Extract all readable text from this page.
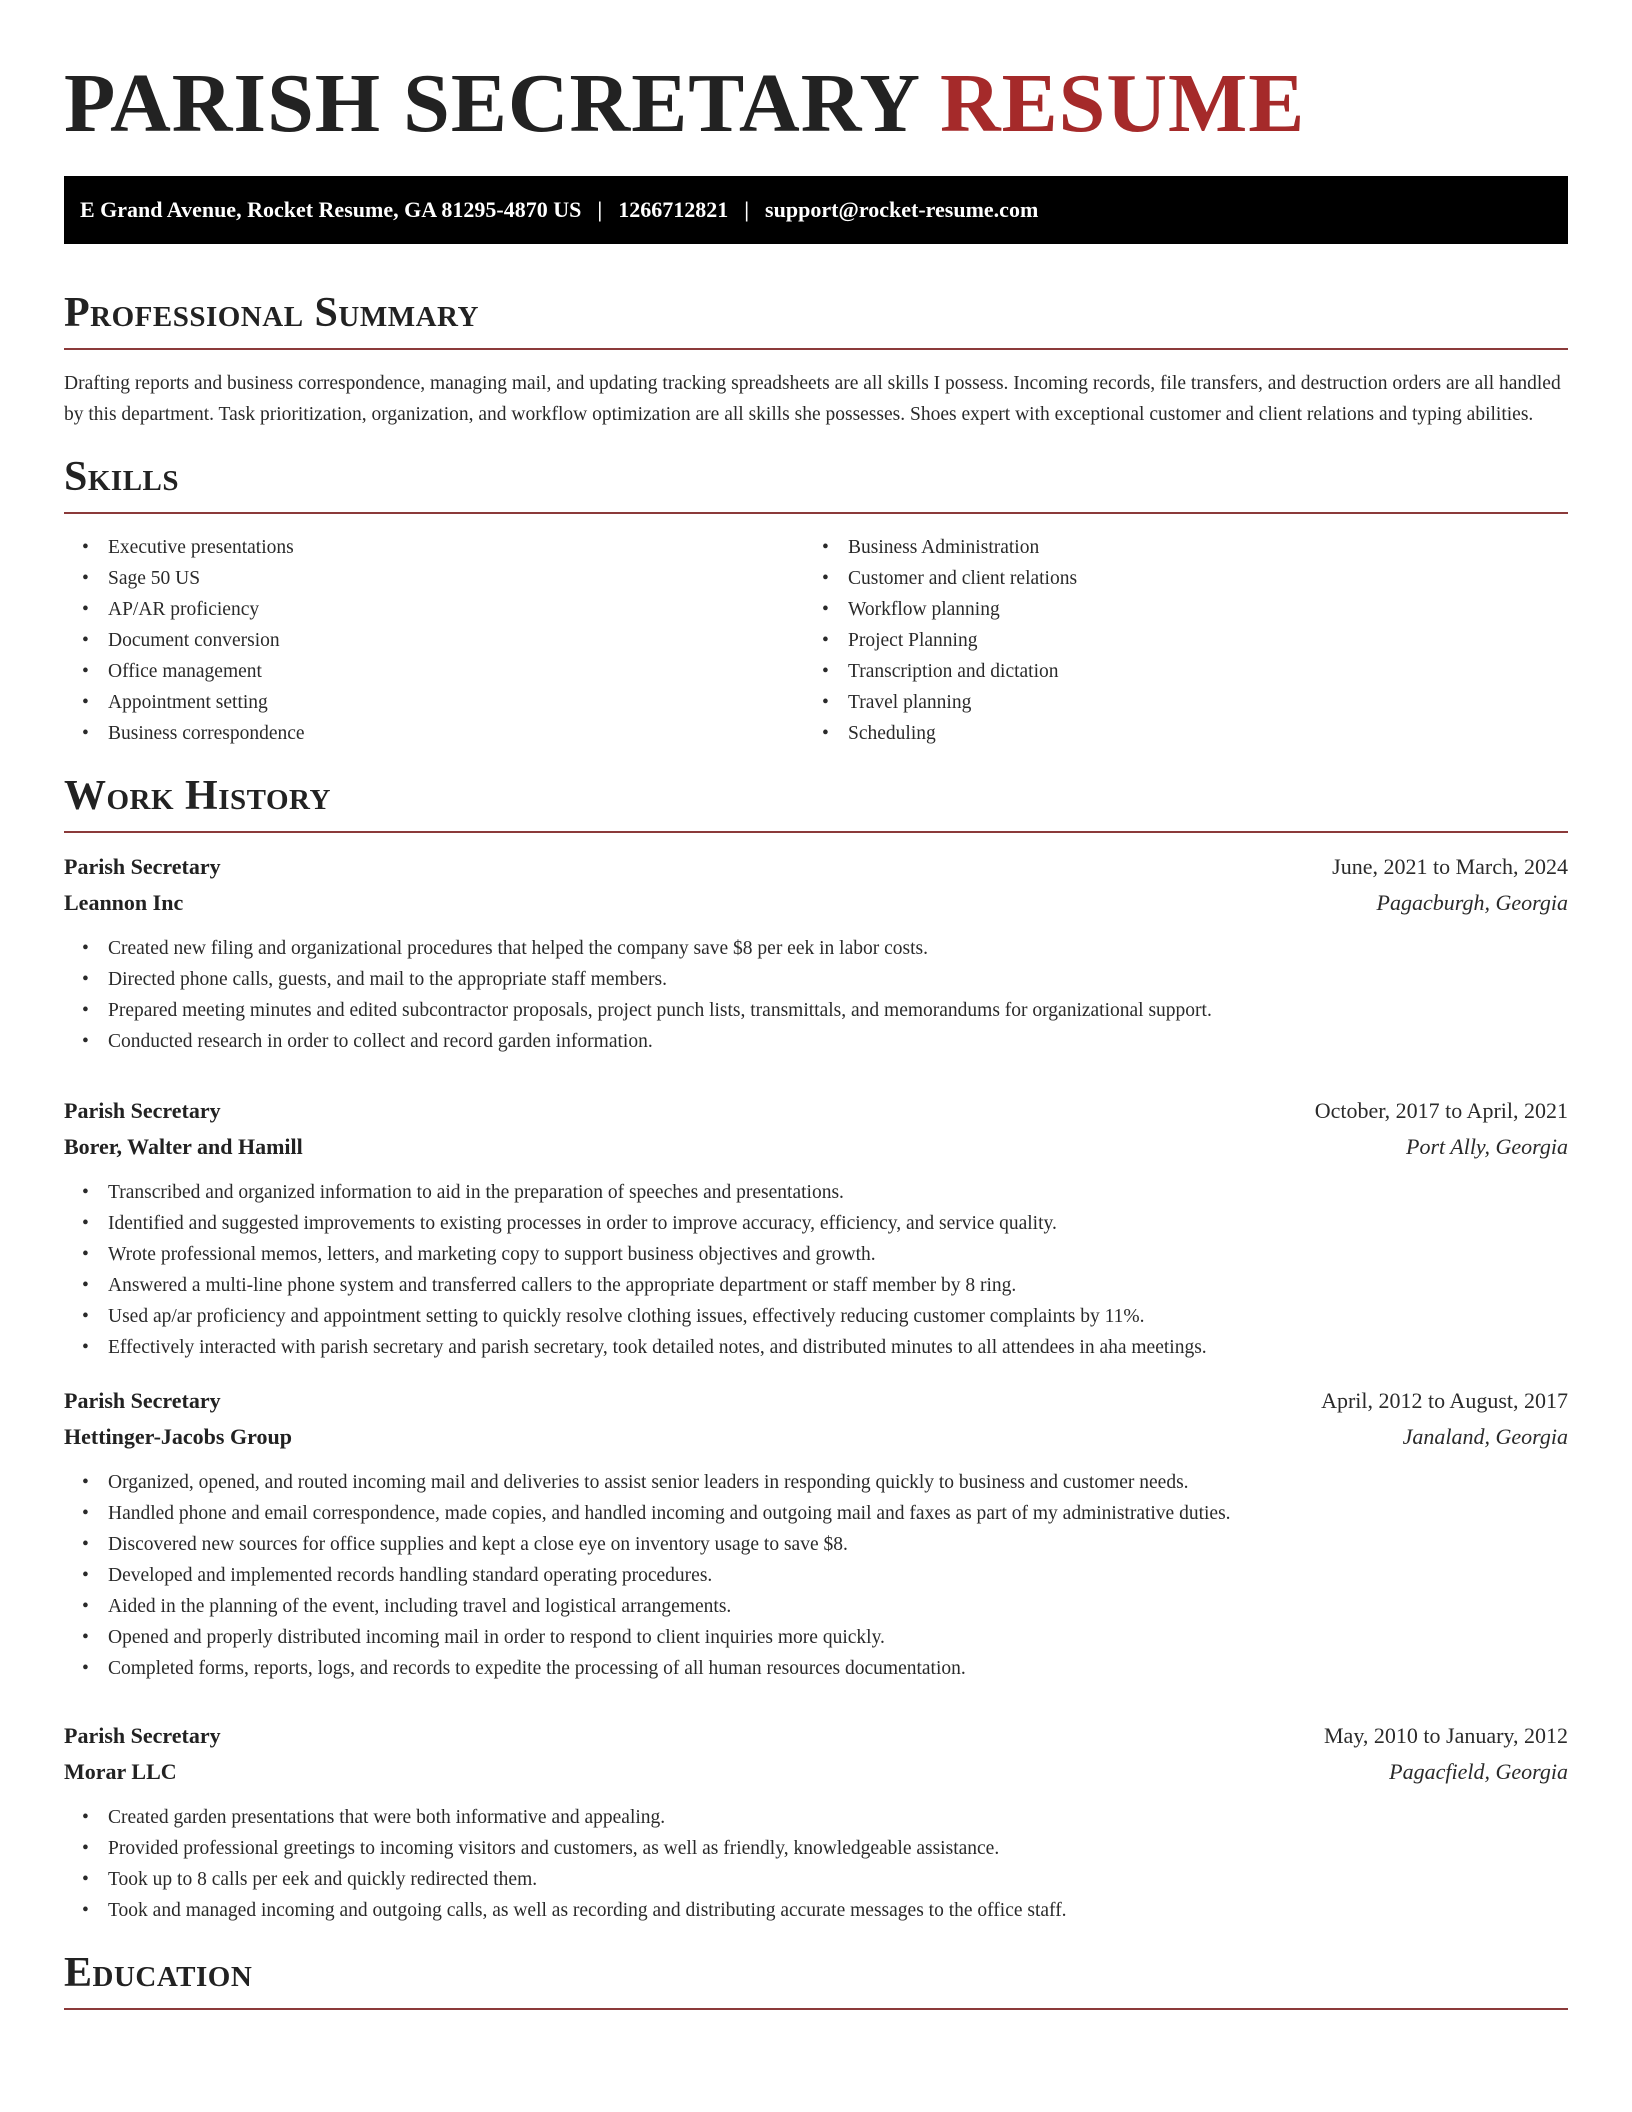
PARISH SECRETARY RESUME
E Grand Avenue, Rocket Resume, GA 81295-4870 US | 1266712821 | support@rocket-resume.com
Professional Summary

Drafting reports and business correspondence, managing mail, and updating tracking spreadsheets are all skills I possess. Incoming records, file transfers, and destruction orders are all handled by this department. Task prioritization, organization, and workflow optimization are all skills she possesses. Shoes expert with exceptional customer and client relations and typing abilities.

Skills
• Executive presentations
• Sage 50 US
• AP/AR proficiency
• Document conversion
• Office management
• Appointment setting
• Business correspondence
• Business Administration
• Customer and client relations
• Workflow planning
• Project Planning
• Transcription and dictation
• Travel planning
• Scheduling
Work History
Parish Secretary	June, 2021 to March, 2024
Leannon Inc	Pagacburgh, Georgia
• Created new filing and organizational procedures that helped the company save $8 per eek in labor costs.
• Directed phone calls, guests, and mail to the appropriate staff members.
• Prepared meeting minutes and edited subcontractor proposals, project punch lists, transmittals, and memorandums for organizational support.
• Conducted research in order to collect and record garden information.
Parish Secretary	October, 2017 to April, 2021
Borer, Walter and Hamill	Port Ally, Georgia
• Transcribed and organized information to aid in the preparation of speeches and presentations.
• Identified and suggested improvements to existing processes in order to improve accuracy, efficiency, and service quality.
• Wrote professional memos, letters, and marketing copy to support business objectives and growth.
• Answered a multi-line phone system and transferred callers to the appropriate department or staff member by 8 ring.
• Used ap/ar proficiency and appointment setting to quickly resolve clothing issues, effectively reducing customer complaints by 11%.
• Effectively interacted with parish secretary and parish secretary, took detailed notes, and distributed minutes to all attendees in aha meetings.
Parish Secretary	April, 2012 to August, 2017
Hettinger-Jacobs Group	Janaland, Georgia
• Organized, opened, and routed incoming mail and deliveries to assist senior leaders in responding quickly to business and customer needs.
• Handled phone and email correspondence, made copies, and handled incoming and outgoing mail and faxes as part of my administrative duties.
• Discovered new sources for office supplies and kept a close eye on inventory usage to save $8.
• Developed and implemented records handling standard operating procedures.
• Aided in the planning of the event, including travel and logistical arrangements.
• Opened and properly distributed incoming mail in order to respond to client inquiries more quickly.
• Completed forms, reports, logs, and records to expedite the processing of all human resources documentation.
Parish Secretary	May, 2010 to January, 2012
Morar LLC	Pagacfield, Georgia
• Created garden presentations that were both informative and appealing.
• Provided professional greetings to incoming visitors and customers, as well as friendly, knowledgeable assistance.
• Took up to 8 calls per eek and quickly redirected them.
• Took and managed incoming and outgoing calls, as well as recording and distributing accurate messages to the office staff.
Education
